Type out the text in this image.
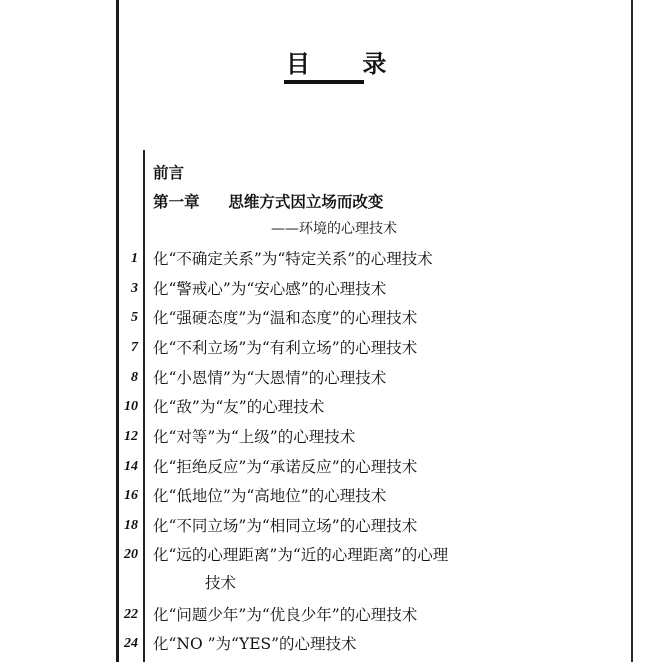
目 录
前言
第一章 思维方式因立场而改变
——环境的心理技术
1 化“不确定关系”为“特定关系”的心理技术
3 化“警戒心”为“安心感”的心理技术
5 化“强硬态度”为“温和态度”的心理技术
7 化“不利立场”为“有利立场”的心理技术
8 化“小恩情”为“大恩情”的心理技术
10 化“敌”为“友”的心理技术
12 化“对等”为“上级”的心理技术
14 化“拒绝反应”为“承诺反应”的心理技术
16 化“低地位”为“高地位”的心理技术
18 化“不同立场”为“相同立场”的心理技术
20 化“远的心理距离”为“近的心理距离”的心理
技术
22 化“问题少年”为“优良少年”的心理技术
24 化“NO ”为“YES”的心理技术
